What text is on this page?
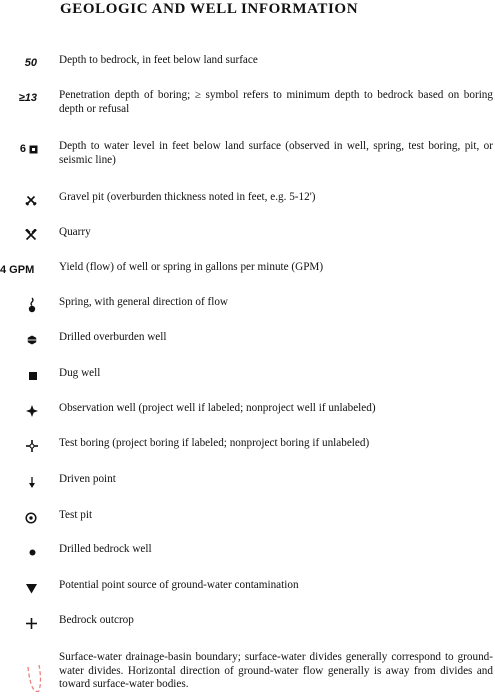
GEOLOGIC AND WELL INFORMATION
50 Depth to bedrock, in feet below land surface
≥13 Penetration depth of boring; ≥ symbol refers to minimum depth to bedrock based on boring depth or refusal
6	Depth to water level in feet below land surface (observed in well, spring, test boring, pit, or seismic line)
Gravel pit (overburden thickness noted in feet, e.g. 5-12')
Quarry
4 GPM Yield (flow) of well or spring in gallons per minute (GPM)
Spring, with general direction of flow
Drilled overburden well
Dug well
Observation well (project well if labeled; nonproject well if unlabeled)
Test boring (project boring if labeled; nonproject boring if unlabeled)
Driven point
Test pit
Drilled bedrock well
Potential point source of ground-water contamination
Bedrock outcrop
Surface-water drainage-basin boundary; surface-water divides generally correspond to ground-water divides. Horizontal direction of ground-water flow generally is away from divides and toward surface-water bodies.
